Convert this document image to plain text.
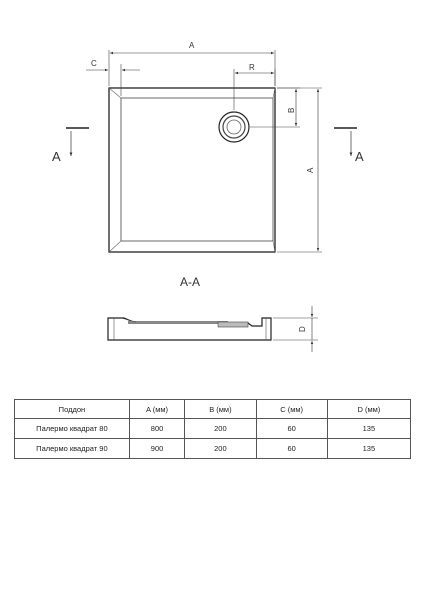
A
C	R
B
A
A	A
A-A
D
Поддон	A (мм)	B (мм)	C (мм)	D (мм)
Палермо квадрат 80	800	200	60	135
Палермо квадрат 90	900	200	60	135
